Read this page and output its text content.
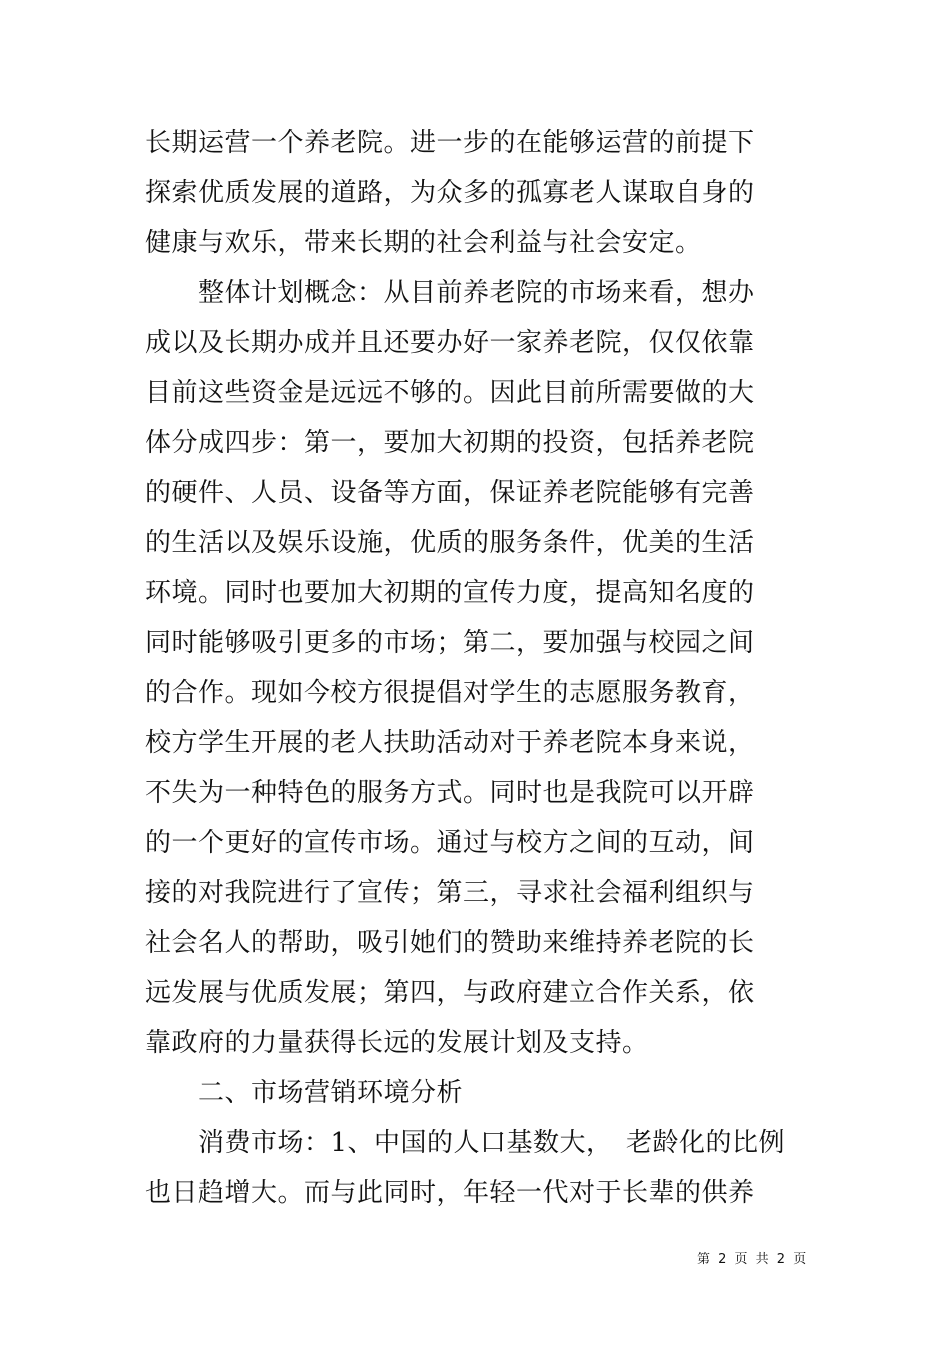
长期运营一个养老院。进一步的在能够运营的前提下
探索优质发展的道路，为众多的孤寡老人谋取自身的
健康与欢乐，带来长期的社会利益与社会安定。
　　整体计划概念：从目前养老院的市场来看，想办
成以及长期办成并且还要办好一家养老院，仅仅依靠
目前这些资金是远远不够的。因此目前所需要做的大
体分成四步：第一，要加大初期的投资，包括养老院
的硬件、人员、设备等方面，保证养老院能够有完善
的生活以及娱乐设施，优质的服务条件，优美的生活
环境。同时也要加大初期的宣传力度，提高知名度的
同时能够吸引更多的市场；第二，要加强与校园之间
的合作。现如今校方很提倡对学生的志愿服务教育，
校方学生开展的老人扶助活动对于养老院本身来说，
不失为一种特色的服务方式。同时也是我院可以开辟
的一个更好的宣传市场。通过与校方之间的互动，间
接的对我院进行了宣传；第三，寻求社会福利组织与
社会名人的帮助，吸引她们的赞助来维持养老院的长
远发展与优质发展；第四，与政府建立合作关系，依
靠政府的力量获得长远的发展计划及支持。
　　二、市场营销环境分析
　　消费市场：1、中国的人口基数大，　老龄化的比例
也日趋增大。而与此同时，年轻一代对于长辈的供养
第 2 页 共 2 页
